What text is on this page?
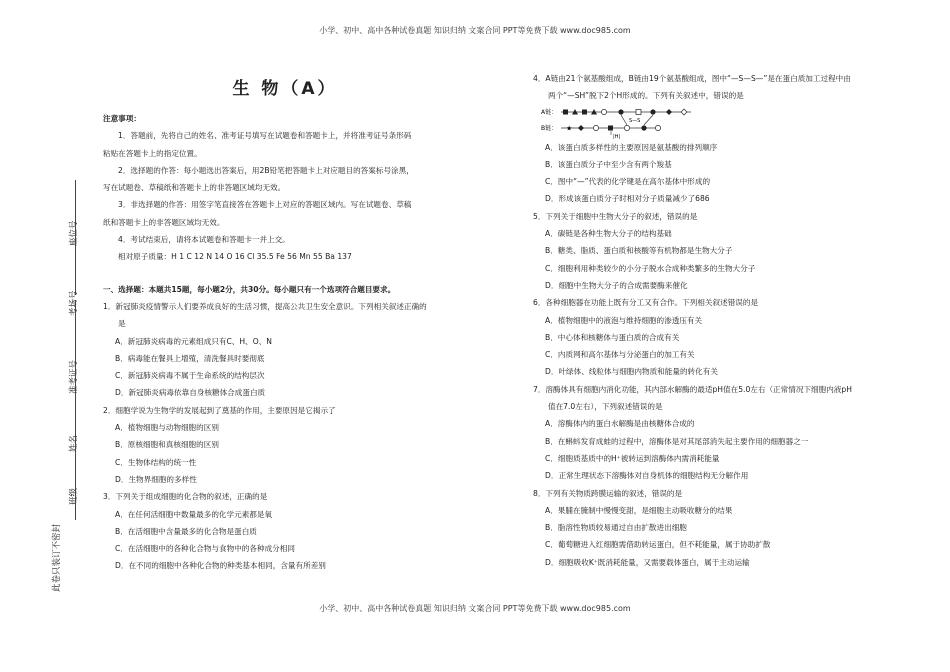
小学、初中、高中各种试卷真题 知识归纳 文案合同 PPT等免费下载 www.doc985.com
座位号
考场号
准考证号
姓名
班级
此卷只装订不密封
生 物（A）
注意事项：
1．答题前，先将自己的姓名、准考证号填写在试题卷和答题卡上，并将准考证号条形码
粘贴在答题卡上的指定位置。
2．选择题的作答：每小题选出答案后，用2B铅笔把答题卡上对应题目的答案标号涂黑，
写在试题卷、草稿纸和答题卡上的非答题区域均无效。
3．非选择题的作答：用签字笔直接答在答题卡上对应的答题区域内。写在试题卷、草稿
纸和答题卡上的非答题区域均无效。
4．考试结束后，请将本试题卷和答题卡一并上交。
相对原子质量：H 1 C 12 N 14 O 16 Cl 35.5 Fe 56 Mn 55 Ba 137
一、选择题：本题共15题，每小题2分，共30分。每小题只有一个选项符合题目要求。
1．新冠肺炎疫情警示人们要养成良好的生活习惯，提高公共卫生安全意识。下列相关叙述正确的
是
A．新冠肺炎病毒的元素组成只有C、H、O、N
B．病毒能在餐具上增殖，清洗餐具时要彻底
C．新冠肺炎病毒不属于生命系统的结构层次
D．新冠肺炎病毒依靠自身核糖体合成蛋白质
2．细胞学说为生物学的发展起到了奠基的作用，主要原因是它揭示了
A．植物细胞与动物细胞的区别
B．原核细胞和真核细胞的区别
C．生物体结构的统一性
D．生物界细胞的多样性
3．下列关于组成细胞的化合物的叙述，正确的是
A．在任何活细胞中数量最多的化学元素都是氧
B．在活细胞中含量最多的化合物是蛋白质
C．在活细胞中的各种化合物与食物中的各种成分相同
D．在不同的细胞中各种化合物的种类基本相同，含量有所差别
4．A链由21个氨基酸组成，B链由19个氨基酸组成，图中“—S—S—”是在蛋白质加工过程中由
两个“—SH”脱下2个H形成的。下列有关叙述中，错误的是
A链：
B链： ★
S—S
|H|
A．该蛋白质多样性的主要原因是氨基酸的排列顺序
B．该蛋白质分子中至少含有两个羧基
C．图中“—”代表的化学键是在高尔基体中形成的
D．形成该蛋白质分子时相对分子质量减少了686
5．下列关于细胞中生物大分子的叙述，错误的是
A．碳链是各种生物大分子的结构基础
B．糖类、脂质、蛋白质和核酸等有机物都是生物大分子
C．细胞利用种类较少的小分子脱水合成种类繁多的生物大分子
D．细胞中生物大分子的合成需要酶来催化
6．各种细胞器在功能上既有分工又有合作。下列相关叙述错误的是
A．植物细胞中的液泡与维持细胞的渗透压有关
B．中心体和核糖体与蛋白质的合成有关
C．内质网和高尔基体与分泌蛋白的加工有关
D．叶绿体、线粒体与细胞内物质和能量的转化有关
7．溶酶体具有细胞内消化功能，其内部水解酶的最适pH值在5.0左右（正常情况下细胞内液pH
值在7.0左右），下列叙述错误的是
A．溶酶体内的蛋白水解酶是由核糖体合成的
B．在蝌蚪发育成蛙的过程中，溶酶体是对其尾部消失起主要作用的细胞器之一
C．细胞质基质中的H⁺被转运到溶酶体内需消耗能量
D．正常生理状态下溶酶体对自身机体的细胞结构无分解作用
8．下列有关物质跨膜运输的叙述，错误的是
A．果脯在腌制中慢慢变甜，是细胞主动吸收糖分的结果
B．脂溶性物质较易通过自由扩散进出细胞
C．葡萄糖进入红细胞需借助转运蛋白，但不耗能量，属于协助扩散
D．细胞吸收K⁺既消耗能量，又需要载体蛋白，属于主动运输
小学、初中、高中各种试卷真题 知识归纳 文案合同 PPT等免费下载 www.doc985.com
